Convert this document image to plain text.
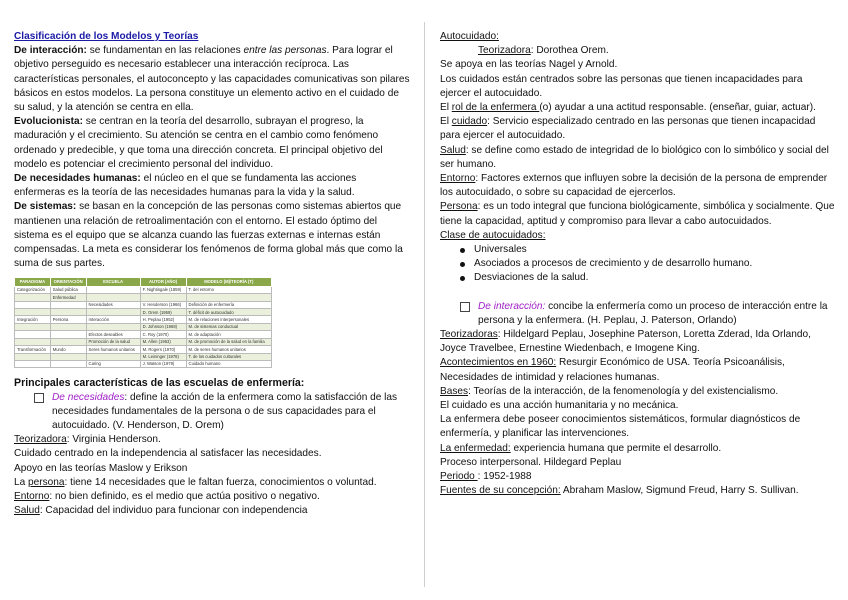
Clasificación de los Modelos y Teorías
De interacción: se fundamentan en las relaciones entre las personas. Para lograr el objetivo perseguido es necesario establecer una interacción recíproca. Las características personales, el autoconcepto y las capacidades comunicativas son pilares básicos en estos modelos. La persona constituye un elemento activo en el cuidado de su salud, y la atención se centra en ella.
Evolucionista: se centran en la teoría del desarrollo, subrayan el progreso, la maduración y el crecimiento. Su atención se centra en el cambio como fenómeno ordenado y predecible, y que toma una dirección concreta. El principal objetivo del modelo es potenciar el crecimiento personal del individuo.
De necesidades humanas: el núcleo en el que se fundamenta las acciones enfermeras es la teoría de las necesidades humanas para la vida y la salud.
De sistemas: se basan en la concepción de las personas como sistemas abiertos que mantienen una relación de retroalimentación con el entorno. El estado óptimo del sistema es el equipo que se alcanza cuando las fuerzas externas e internas están compensadas. La meta es considerar los fenómenos de forma global más que como la suma de sus partes.
PARADIGMA	ORIENTACIÓN	ESCUELA	AUTOR (AÑO)	MODELO (M)/TEORÍA (T)
Categorización	Salud pública		F. Nightingale (1859)	T. del entorno
	Enfermedad			
		Necesidades	V. Henderson (1966)	Definición de enfermería
			D. Orem (1959)	T. déficit de autocuidado
Integración	Persona	Interacción	H. Peplau (1952)	M. de relaciones interpersonales
			D. Johnson (1968)	M. de sistemas conductual
		Efectos deseables	C. Roy (1970)	M. de adaptación
		Promoción de la salud	M. Allen (1963)	M. de promoción de la salud en la familia
Transformación	Mundo	Seres humanos unitarios	M. Rogers (1970)	M. de seres humanos unitarios
			M. Leininger (1978)	T. de los cuidados culturales
		Caring	J. Watson (1979)	Cuidado humano
Principales características de las escuelas de enfermería:
De necesidades: define la acción de la enfermera como la satisfacción de las necesidades fundamentales de la persona o de sus capacidades para el autocuidado. (V. Henderson, D. Orem)
Teorizadora: Virginia Henderson.
Cuidado centrado en la independencia al satisfacer las necesidades.
Apoyo en las teorías Maslow y Erikson
La persona: tiene 14 necesidades que le faltan fuerza, conocimientos o voluntad.
Entorno: no bien definido, es el medio que actúa positivo o negativo.
Salud: Capacidad del individuo para funcionar con independencia
Autocuidado:
Teorizadora: Dorothea Orem.
Se apoya en las teorías Nagel y Arnold.
Los cuidados están centrados sobre las personas que tienen incapacidades para ejercer el autocuidado.
El rol de la enfermera (o) ayudar a una actitud responsable. (enseñar, guiar, actuar).
El cuidado: Servicio especializado centrado en las personas que tienen incapacidad para ejercer el autocuidado.
Salud: se define como estado de integridad de lo biológico con lo simbólico y social del ser humano.
Entorno: Factores externos que influyen sobre la decisión de la persona de emprender los autocuidado, o sobre su capacidad de ejercerlos.
Persona: es un todo integral que funciona biológicamente, simbólica y socialmente. Que tiene la capacidad, aptitud y compromiso para llevar a cabo autocuidados.
Clase de autocuidados:
Universales
Asociados a procesos de crecimiento y de desarrollo humano.
Desviaciones de la salud.
De interacción: concibe la enfermería como un proceso de interacción entre la persona y la enfermera. (H. Peplau, J. Paterson, Orlando)
Teorizadoras: Hildelgard Peplau, Josephine Paterson, Loretta Zderad, Ida Orlando, Joyce Travelbee, Ernestine Wiedenbach, e Imogene King.
Acontecimientos en 1960: Resurgir Económico de USA. Teoría Psicoanálisis, Necesidades de intimidad y relaciones humanas.
Bases: Teorías de la interacción, de la fenomenología y del existencialismo.
El cuidado es una acción humanitaria y no mecánica.
La enfermera debe poseer conocimientos sistemáticos, formular diagnósticos de enfermería, y planificar las intervenciones.
La enfermedad: experiencia humana que permite el desarrollo.
Proceso interpersonal. Hildegard Peplau
Periodo : 1952-1988
Fuentes de su concepción: Abraham Maslow, Sigmund Freud, Harry S. Sullivan.
